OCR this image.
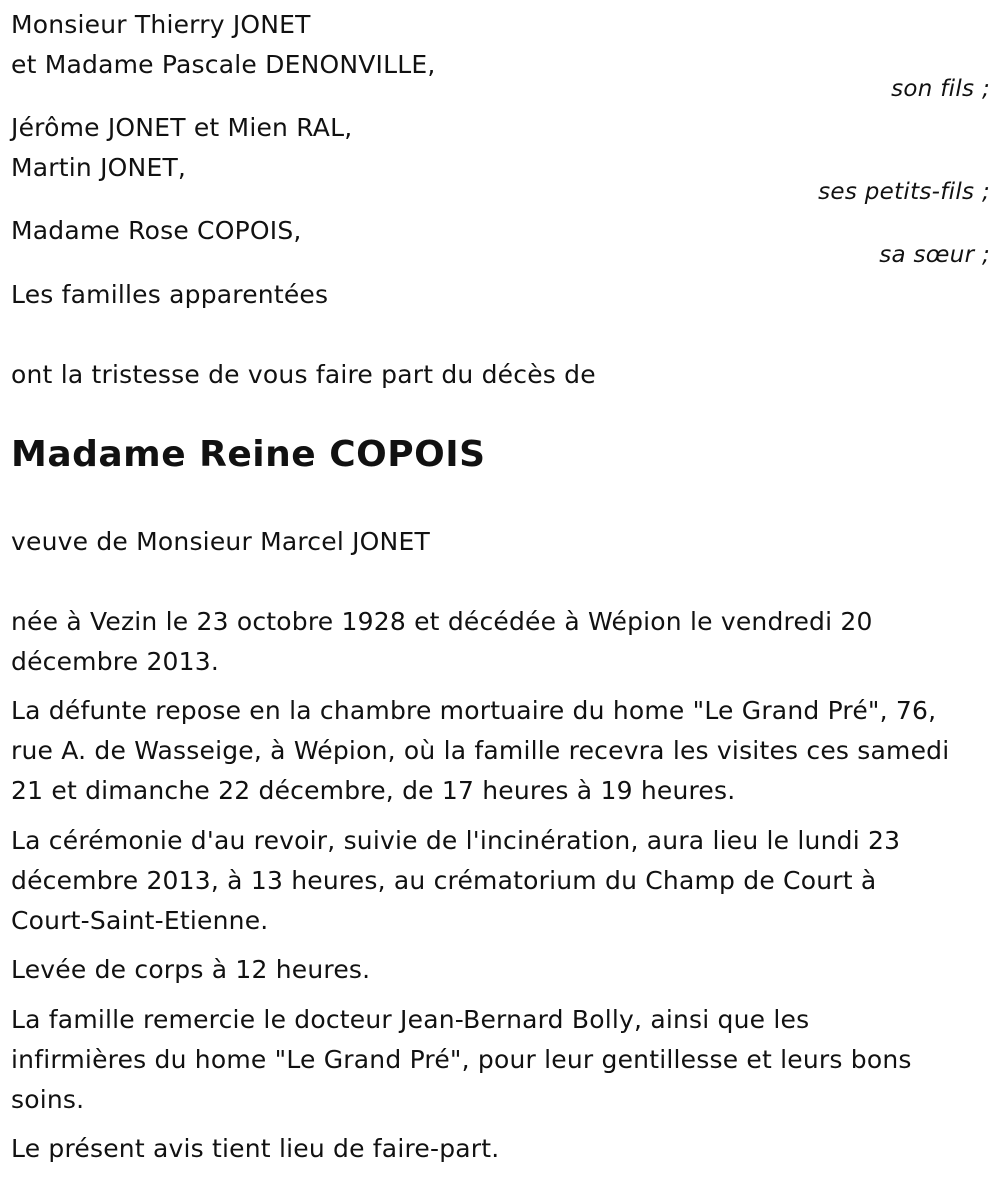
Monsieur Thierry JONET
et Madame Pascale DENONVILLE,
son fils ;
Jérôme JONET et Mien RAL,
Martin JONET,
ses petits-fils ;
Madame Rose COPOIS,
sa sœur ;
Les familles apparentées
ont la tristesse de vous faire part du décès de
Madame Reine COPOIS
veuve de Monsieur Marcel JONET
née à Vezin le 23 octobre 1928 et décédée à Wépion le vendredi 20
décembre 2013.
La défunte repose en la chambre mortuaire du home "Le Grand Pré", 76,
rue A. de Wasseige, à Wépion, où la famille recevra les visites ces samedi
21 et dimanche 22 décembre, de 17 heures à 19 heures.
La cérémonie d'au revoir, suivie de l'incinération, aura lieu le lundi 23
décembre 2013, à 13 heures, au crématorium du Champ de Court à
Court-Saint-Etienne.
Levée de corps à 12 heures.
La famille remercie le docteur Jean-Bernard Bolly, ainsi que les
infirmières du home "Le Grand Pré", pour leur gentillesse et leurs bons
soins.
Le présent avis tient lieu de faire-part.
